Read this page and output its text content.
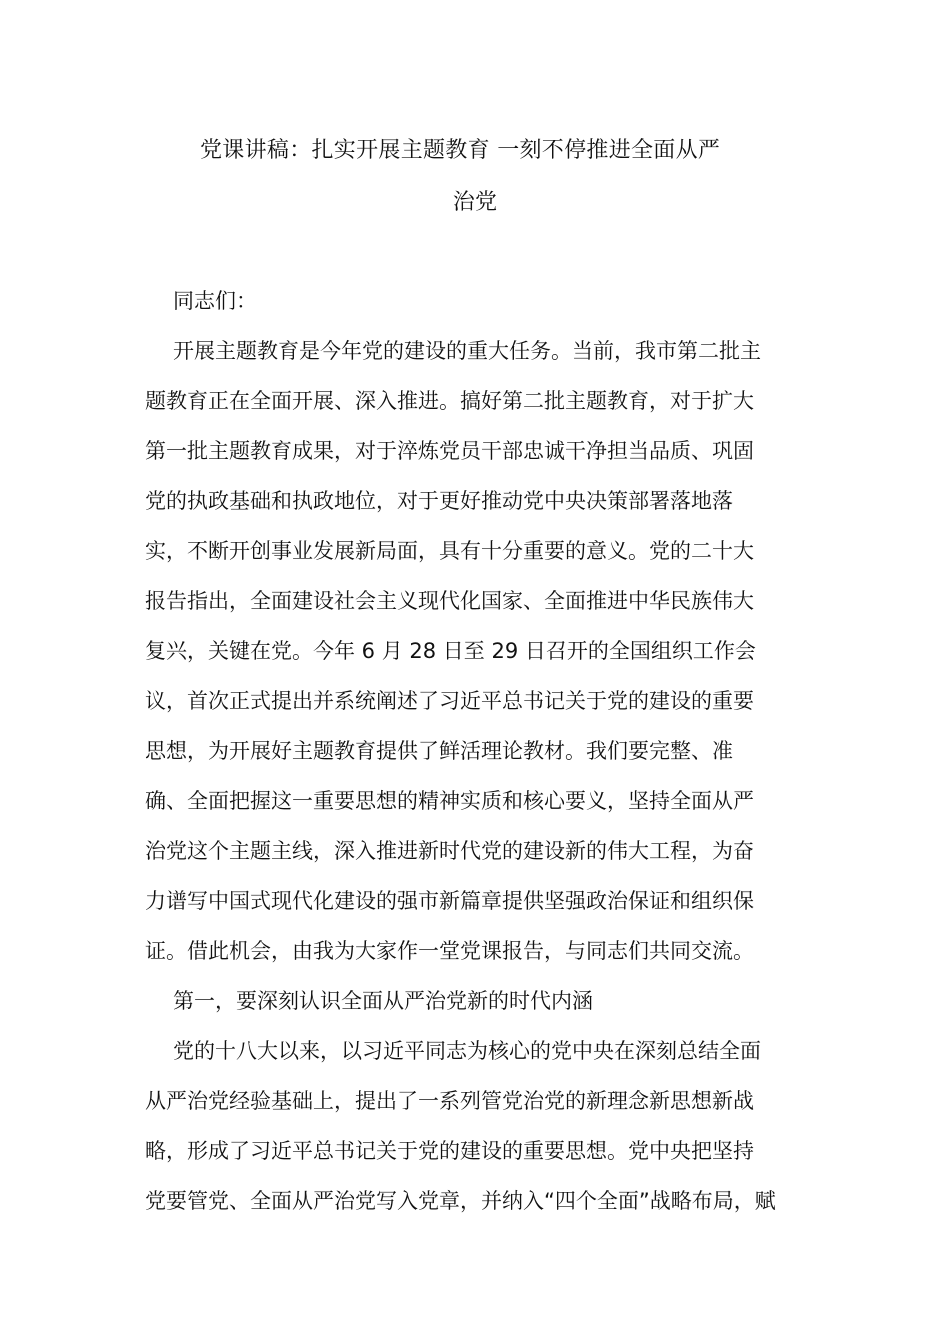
党课讲稿：扎实开展主题教育 一刻不停推进全面从严
治党

同志们：

开展主题教育是今年党的建设的重大任务。当前，我市第二批主
题教育正在全面开展、深入推进。搞好第二批主题教育，对于扩大
第一批主题教育成果，对于淬炼党员干部忠诚干净担当品质、巩固
党的执政基础和执政地位，对于更好推动党中央决策部署落地落
实，不断开创事业发展新局面，具有十分重要的意义。党的二十大
报告指出，全面建设社会主义现代化国家、全面推进中华民族伟大
复兴，关键在党。今年 6 月 28 日至 29 日召开的全国组织工作会
议，首次正式提出并系统阐述了习近平总书记关于党的建设的重要
思想，为开展好主题教育提供了鲜活理论教材。我们要完整、准
确、全面把握这一重要思想的精神实质和核心要义，坚持全面从严
治党这个主题主线，深入推进新时代党的建设新的伟大工程，为奋
力谱写中国式现代化建设的强市新篇章提供坚强政治保证和组织保
证。借此机会，由我为大家作一堂党课报告，与同志们共同交流。

第一，要深刻认识全面从严治党新的时代内涵

党的十八大以来，以习近平同志为核心的党中央在深刻总结全面
从严治党经验基础上，提出了一系列管党治党的新理念新思想新战
略，形成了习近平总书记关于党的建设的重要思想。党中央把坚持
党要管党、全面从严治党写入党章，并纳入“四个全面”战略布局，赋
